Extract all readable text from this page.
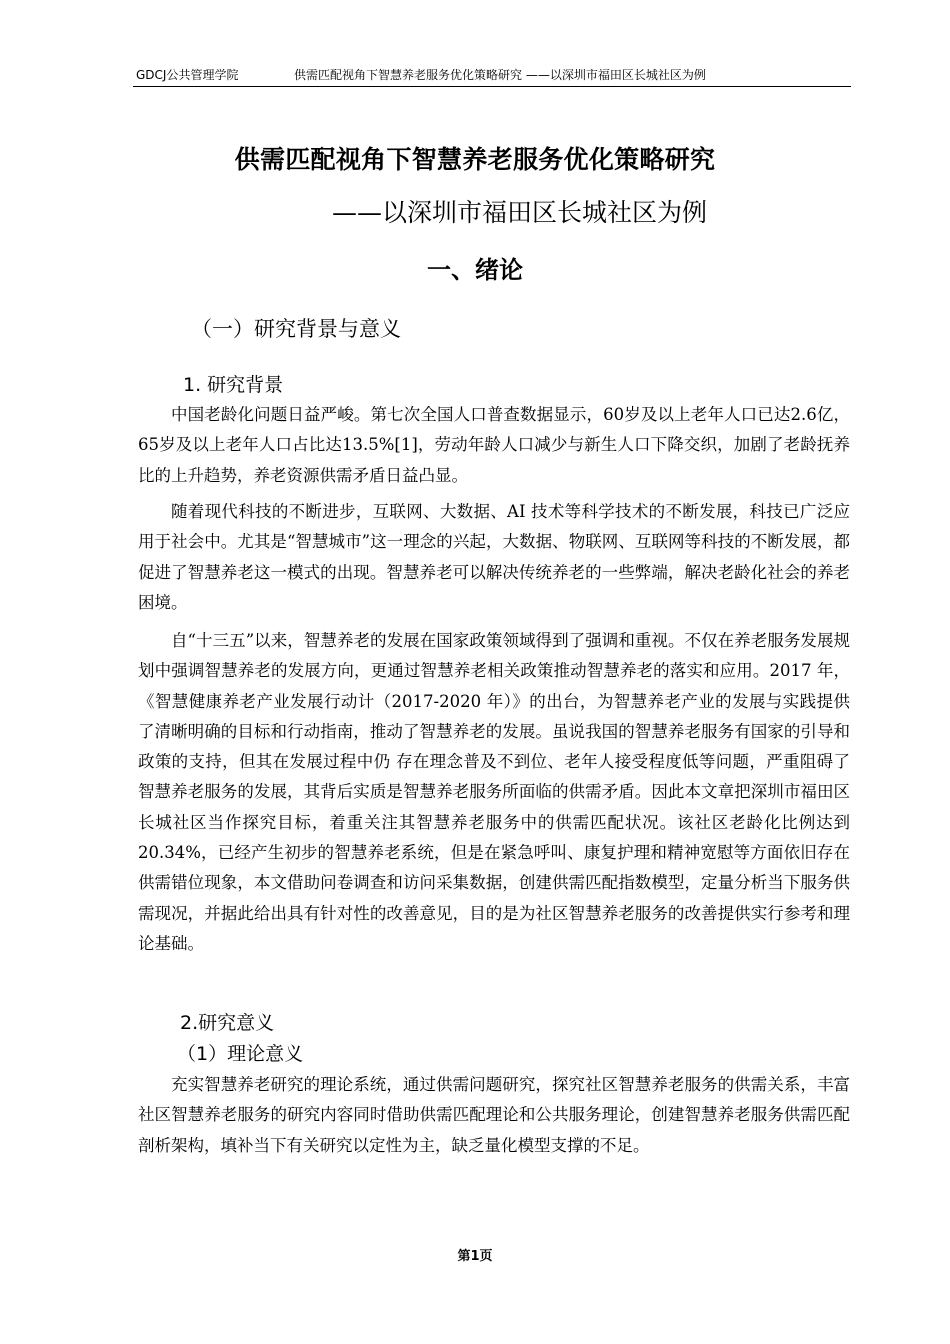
GDCJ公共管理学院	供需匹配视角下智慧养老服务优化策略研究 ——以深圳市福田区长城社区为例
供需匹配视角下智慧养老服务优化策略研究
——以深圳市福田区长城社区为例
一、绪论
（一）研究背景与意义
1. 研究背景

中国老龄化问题日益严峻。第七次全国人口普查数据显示，60岁及以上老年人口已达2.6亿，65岁及以上老年人口占比达13.5%[1]，劳动年龄人口减少与新生人口下降交织，加剧了老龄抚养比的上升趋势，养老资源供需矛盾日益凸显。

随着现代科技的不断进步，互联网、大数据、AI 技术等科学技术的不断发展，科技已广泛应用于社会中。尤其是“智慧城市”这一理念的兴起，大数据、物联网、互联网等科技的不断发展，都促进了智慧养老这一模式的出现。智慧养老可以解决传统养老的一些弊端，解决老龄化社会的养老困境。

自“十三五”以来，智慧养老的发展在国家政策领域得到了强调和重视。不仅在养老服务发展规划中强调智慧养老的发展方向，更通过智慧养老相关政策推动智慧养老的落实和应用。2017 年，《智慧健康养老产业发展行动计（2017-2020 年）》的出台，为智慧养老产业的发展与实践提供了清晰明确的目标和行动指南，推动了智慧养老的发展。虽说我国的智慧养老服务有国家的引导和政策的支持，但其在发展过程中仍 存在理念普及不到位、老年人接受程度低等问题，严重阻碍了智慧养老服务的发展，其背后实质是智慧养老服务所面临的供需矛盾。因此本文章把深圳市福田区长城社区当作探究目标，着重关注其智慧养老服务中的供需匹配状况。该社区老龄化比例达到20.34%，已经产生初步的智慧养老系统，但是在紧急呼叫、康复护理和精神宽慰等方面依旧存在供需错位现象，本文借助问卷调查和访问采集数据，创建供需匹配指数模型，定量分析当下服务供需现况，并据此给出具有针对性的改善意见，目的是为社区智慧养老服务的改善提供实行参考和理论基础。

2.研究意义
（1）理论意义

充实智慧养老研究的理论系统，通过供需问题研究，探究社区智慧养老服务的供需关系，丰富社区智慧养老服务的研究内容同时借助供需匹配理论和公共服务理论，创建智慧养老服务供需匹配剖析架构，填补当下有关研究以定性为主，缺乏量化模型支撑的不足。

第1页
